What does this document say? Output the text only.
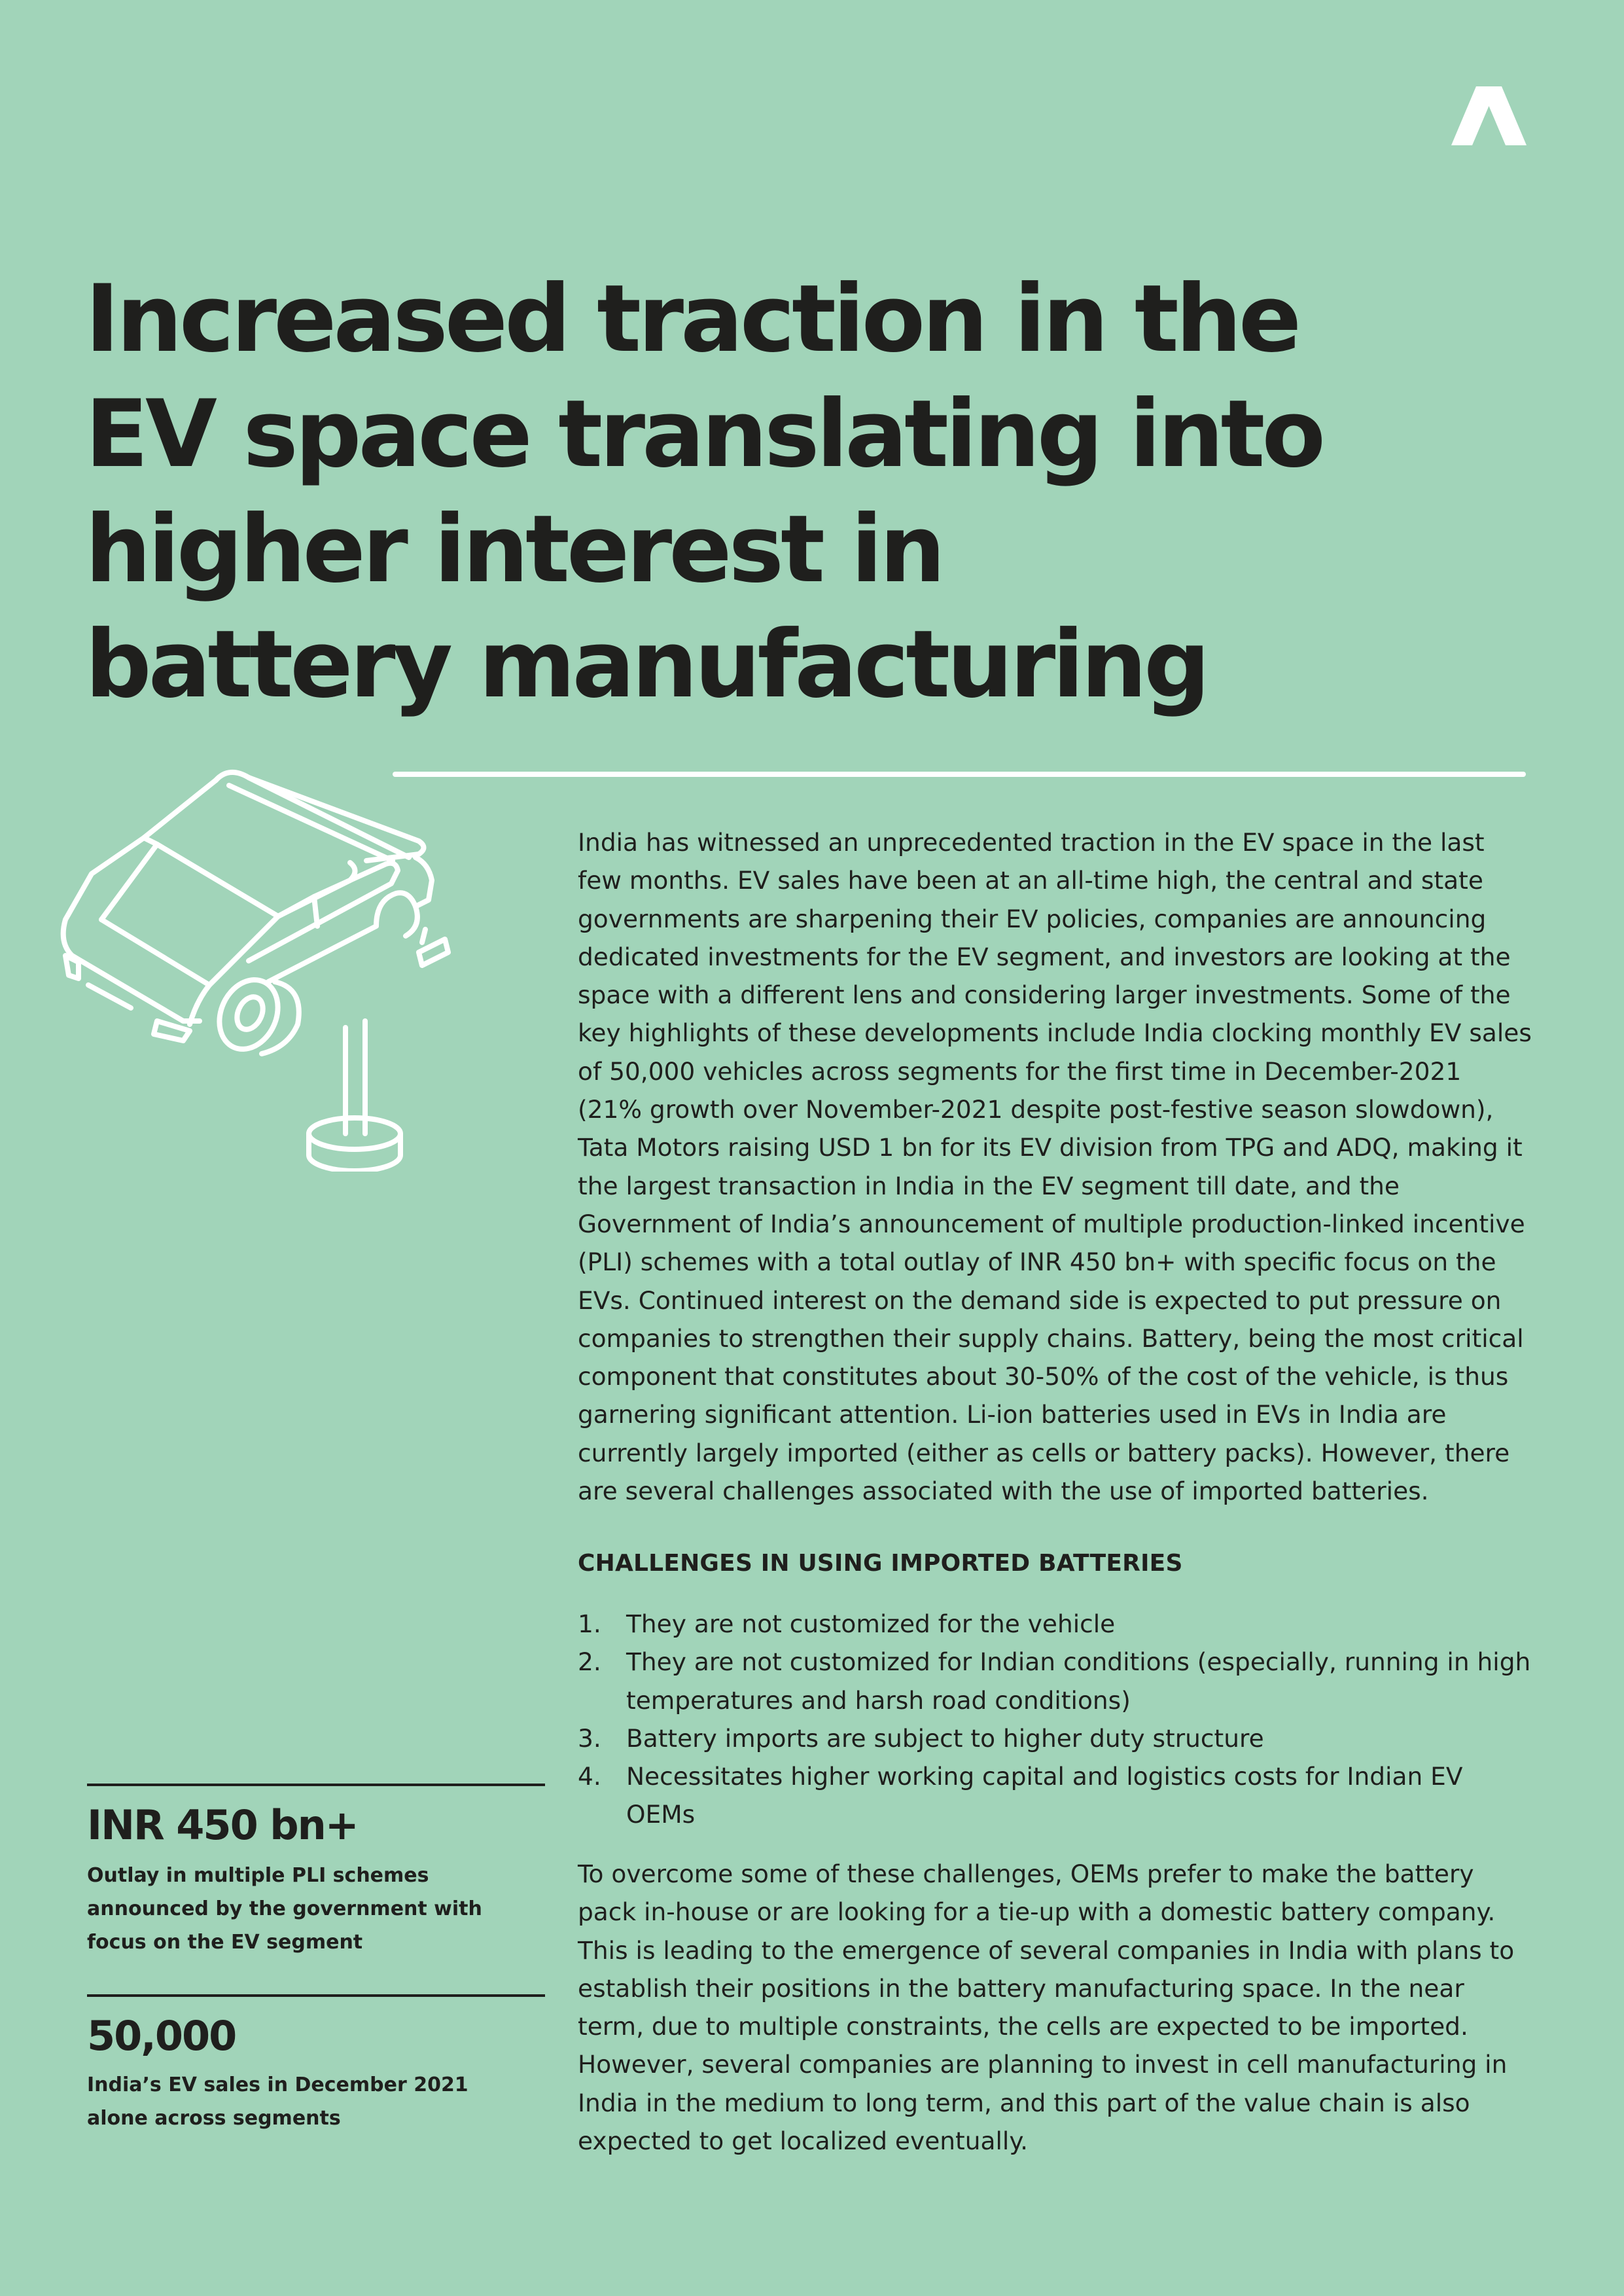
Increased traction in the EV space translating into higher interest in battery manufacturing

India has witnessed an unprecedented traction in the EV space in the last few months. EV sales have been at an all-time high, the central and state governments are sharpening their EV policies, companies are announcing dedicated investments for the EV segment, and investors are looking at the space with a different lens and considering larger investments. Some of the key highlights of these developments include India clocking monthly EV sales of 50,000 vehicles across segments for the first time in December-2021 (21% growth over November-2021 despite post-festive season slowdown), Tata Motors raising USD 1 bn for its EV division from TPG and ADQ, making it the largest transaction in India in the EV segment till date, and the Government of India’s announcement of multiple production-linked incentive (PLI) schemes with a total outlay of INR 450 bn+ with specific focus on the EVs. Continued interest on the demand side is expected to put pressure on companies to strengthen their supply chains. Battery, being the most critical component that constitutes about 30-50% of the cost of the vehicle, is thus garnering significant attention. Li-ion batteries used in EVs in India are currently largely imported (either as cells or battery packs). However, there are several challenges associated with the use of imported batteries.

CHALLENGES IN USING IMPORTED BATTERIES
1.	They are not customized for the vehicle
2.	They are not customized for Indian conditions (especially, running in high temperatures and harsh road conditions)
3.	Battery imports are subject to higher duty structure
4.	Necessitates higher working capital and logistics costs for Indian EV OEMs

To overcome some of these challenges, OEMs prefer to make the battery pack in-house or are looking for a tie-up with a domestic battery company. This is leading to the emergence of several companies in India with plans to establish their positions in the battery manufacturing space. In the near term, due to multiple constraints, the cells are expected to be imported. However, several companies are planning to invest in cell manufacturing in India in the medium to long term, and this part of the value chain is also expected to get localized eventually.

INR 450 bn+

Outlay in multiple PLI schemes announced by the government with focus on the EV segment

50,000

India’s EV sales in December 2021 alone across segments
